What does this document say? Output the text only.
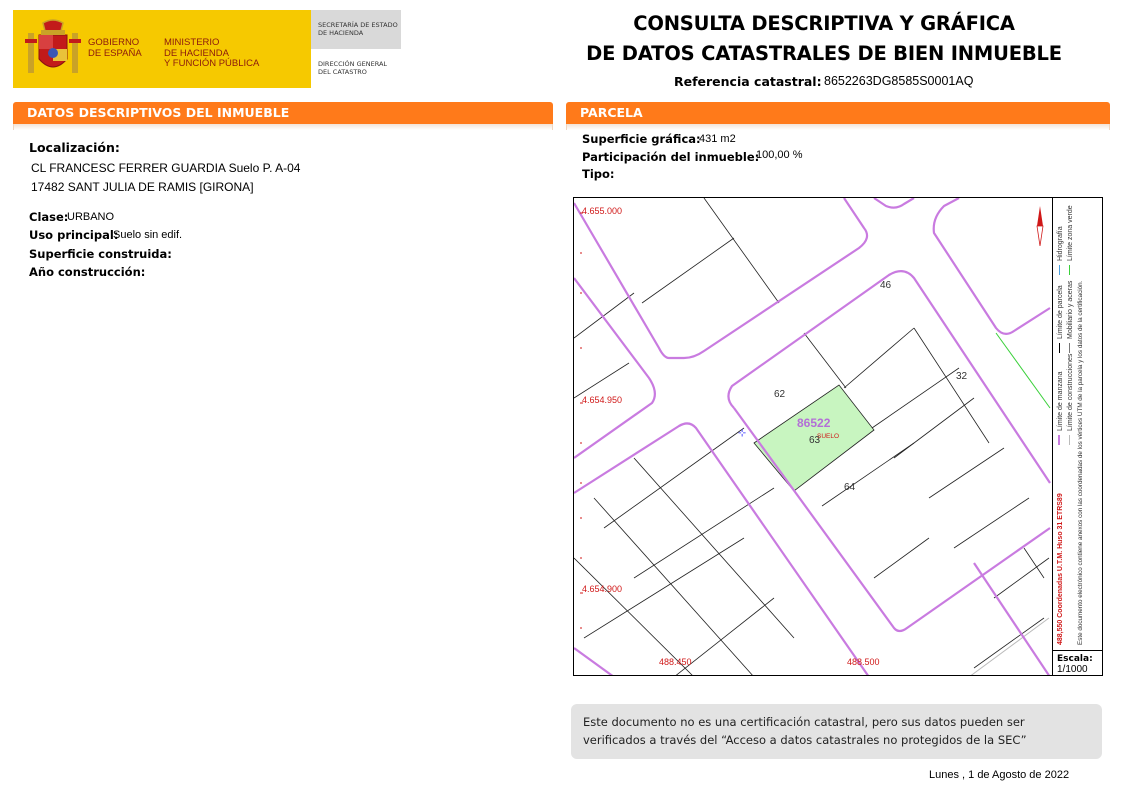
GOBIERNO
DE ESPAÑA
MINISTERIO
DE HACIENDA
Y FUNCIÓN PÚBLICA
SECRETARÍA DE ESTADO
DE HACIENDA
DIRECCIÓN GENERAL
DEL CATASTRO
CONSULTA DESCRIPTIVA Y GRÁFICA
DE DATOS CATASTRALES DE BIEN INMUEBLE
Referencia catastral: 8652263DG8585S0001AQ
DATOS DESCRIPTIVOS DEL INMUEBLE
Localización:
CL FRANCESC FERRER GUARDIA Suelo P. A-04
17482 SANT JULIA DE RAMIS [GIRONA]
Clase:
URBANO
Uso principal:
Suelo sin edif.
Superficie construida:
Año construcción:
PARCELA
Superficie gráfica:
431 m2
Participación del inmueble:
100,00 %
Tipo:
⊹
4.655.000
4.654.950
4.654.900
488.450	488.500
46
32
62
63
64
86522
SUELO
488,550 Coordenadas U.T.M. Huso 31 ETRS89
Límite de manzana
Límite de parcela
Hidrografía
Límite de construcciones
Mobiliario y aceras
Límite zona verde
Este documento electrónico contiene anexos con las coordenadas de los vértices UTM de la parcela y los datos de la certificación.
Escala:
1/1000
Este documento no es una certificación catastral, pero sus datos pueden ser verificados a través del “Acceso a datos catastrales no protegidos de la SEC”
Lunes , 1 de Agosto de 2022
